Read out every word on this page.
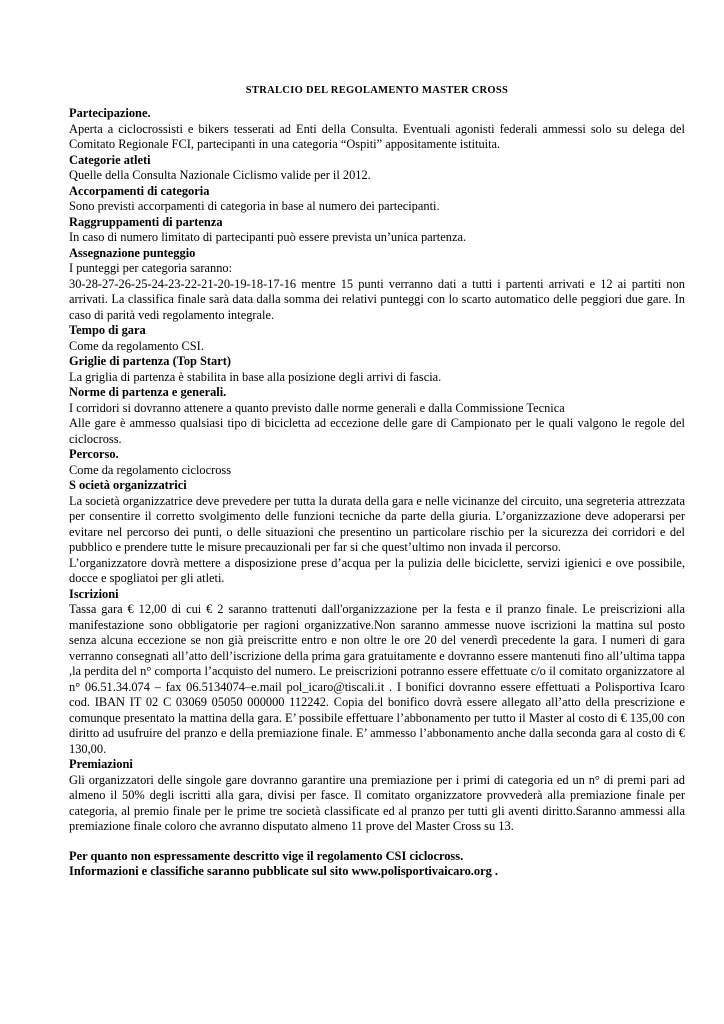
STRALCIO DEL REGOLAMENTO MASTER CROSS
Partecipazione.
Aperta a ciclocrossisti e bikers tesserati ad Enti della Consulta. Eventuali agonisti federali ammessi solo su delega del Comitato Regionale FCI, partecipanti in una categoria “Ospiti” appositamente istituita.
Categorie atleti
Quelle della Consulta Nazionale Ciclismo valide per il 2012.
Accorpamenti di categoria
Sono previsti accorpamenti di categoria in base al numero dei partecipanti.
Raggruppamenti di partenza
In caso di numero limitato di partecipanti può essere prevista un’unica partenza.
Assegnazione punteggio
I punteggi per categoria saranno:
30-28-27-26-25-24-23-22-21-20-19-18-17-16 mentre 15 punti verranno dati a tutti i partenti arrivati e 12 ai partiti non arrivati. La classifica finale sarà data dalla somma dei relativi punteggi con lo scarto automatico delle peggiori due gare. In caso di parità vedi regolamento integrale.
Tempo di gara
Come da regolamento CSI.
Griglie di partenza (Top Start)
La griglia di partenza è stabilita in base alla posizione degli arrivi di fascia.
Norme di partenza e generali.
I corridori si dovranno attenere a quanto previsto dalle norme generali e dalla Commissione Tecnica
Alle gare è ammesso qualsiasi tipo di bicicletta ad eccezione delle gare di Campionato per le quali valgono le regole del ciclocross.
Percorso.
Come da regolamento ciclocross
S ocietà organizzatrici
La società organizzatrice deve prevedere per tutta la durata della gara e nelle vicinanze del circuito, una segreteria attrezzata per consentire il corretto svolgimento delle funzioni tecniche da parte della giuria. L’organizzazione deve adoperarsi per evitare nel percorso dei punti, o delle situazioni che presentino un particolare rischio per la sicurezza dei corridori e del pubblico e prendere tutte le misure precauzionali per far si che quest’ultimo non invada il percorso.
L’organizzatore dovrà mettere a disposizione prese d’acqua per la pulizia delle biciclette, servizi igienici e ove possibile, docce e spogliatoi per gli atleti.
Iscrizioni
Tassa gara € 12,00 di cui € 2 saranno trattenuti dall'organizzazione per la festa e il pranzo finale. Le preiscrizioni alla manifestazione sono obbligatorie per ragioni organizzative.Non saranno ammesse nuove iscrizioni la mattina sul posto senza alcuna eccezione se non già preiscritte entro e non oltre le ore 20 del venerdì precedente la gara. I numeri di gara verranno consegnati all’atto dell’iscrizione della prima gara gratuitamente e dovranno essere mantenuti fino all’ultima tappa ,la perdita del n° comporta l’acquisto del numero. Le preiscrizioni potranno essere effettuate c/o il comitato organizzatore al n° 06.51.34.074 – fax 06.5134074–e.mail pol_icaro@tiscali.it . I bonifici dovranno essere effettuati a Polisportiva Icaro cod. IBAN IT 02 C 03069 05050 000000 112242. Copia del bonifico dovrà essere allegato all’atto della prescrizione e comunque presentato la mattina della gara. E’ possibile effettuare l’abbonamento per tutto il Master al costo di € 135,00 con diritto ad usufruire del pranzo e della premiazione finale. E’ ammesso l’abbonamento anche dalla seconda gara al costo di € 130,00.
Premiazioni
Gli organizzatori delle singole gare dovranno garantire una premiazione per i primi di categoria ed un n° di premi pari ad almeno il 50% degli iscritti alla gara, divisi per fasce. Il comitato organizzatore provvederà alla premiazione finale per categoria, al premio finale per le prime tre società classificate ed al pranzo per tutti gli aventi diritto.Saranno ammessi alla premiazione finale coloro che avranno disputato almeno 11 prove del Master Cross su 13.
Per quanto non espressamente descritto vige il regolamento CSI ciclocross.
Informazioni e classifiche saranno pubblicate sul sito www.polisportivaicaro.org .
